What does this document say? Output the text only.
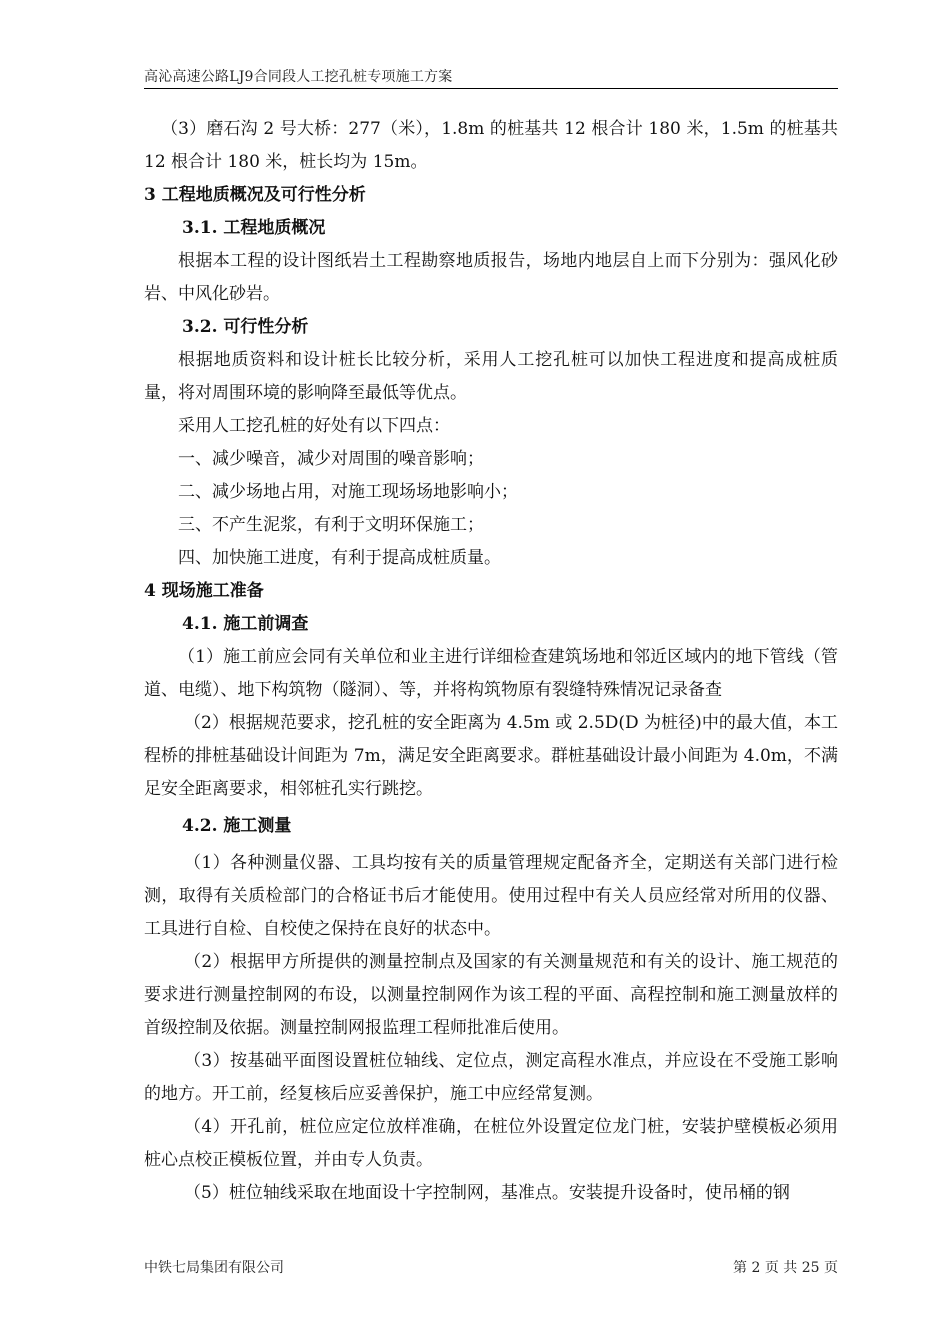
高沁高速公路LJ9合同段人工挖孔桩专项施工方案

（3）磨石沟 2 号大桥：277（米），1.8m 的桩基共 12 根合计 180 米，1.5m 的桩基共 12 根合计 180 米，桩长均为 15m。

3 工程地质概况及可行性分析

3.1. 工程地质概况

根据本工程的设计图纸岩土工程勘察地质报告，场地内地层自上而下分别为：强风化砂岩、中风化砂岩。

3.2. 可行性分析

根据地质资料和设计桩长比较分析，采用人工挖孔桩可以加快工程进度和提高成桩质量，将对周围环境的影响降至最低等优点。

采用人工挖孔桩的好处有以下四点：

一、减少噪音，减少对周围的噪音影响；

二、减少场地占用，对施工现场场地影响小；

三、不产生泥浆，有利于文明环保施工；

四、加快施工进度，有利于提高成桩质量。

4 现场施工准备

4.1. 施工前调查

（1）施工前应会同有关单位和业主进行详细检查建筑场地和邻近区域内的地下管线（管道、电缆）、地下构筑物（隧洞）、等，并将构筑物原有裂缝特殊情况记录备查

（2）根据规范要求，挖孔桩的安全距离为 4.5m 或 2.5D(D 为桩径)中的最大值，本工程桥的排桩基础设计间距为 7m，满足安全距离要求。群桩基础设计最小间距为 4.0m，不满足安全距离要求，相邻桩孔实行跳挖。

4.2. 施工测量

（1）各种测量仪器、工具均按有关的质量管理规定配备齐全，定期送有关部门进行检测，取得有关质检部门的合格证书后才能使用。使用过程中有关人员应经常对所用的仪器、工具进行自检、自校使之保持在良好的状态中。

（2）根据甲方所提供的测量控制点及国家的有关测量规范和有关的设计、施工规范的要求进行测量控制网的布设，以测量控制网作为该工程的平面、高程控制和施工测量放样的首级控制及依据。测量控制网报监理工程师批准后使用。

（3）按基础平面图设置桩位轴线、定位点，测定高程水准点，并应设在不受施工影响的地方。开工前，经复核后应妥善保护，施工中应经常复测。

（4）开孔前，桩位应定位放样准确，在桩位外设置定位龙门桩，安装护壁模板必须用桩心点校正模板位置，并由专人负责。

（5）桩位轴线采取在地面设十字控制网，基准点。安装提升设备时，使吊桶的钢

中铁七局集团有限公司	第 2 页 共 25 页
